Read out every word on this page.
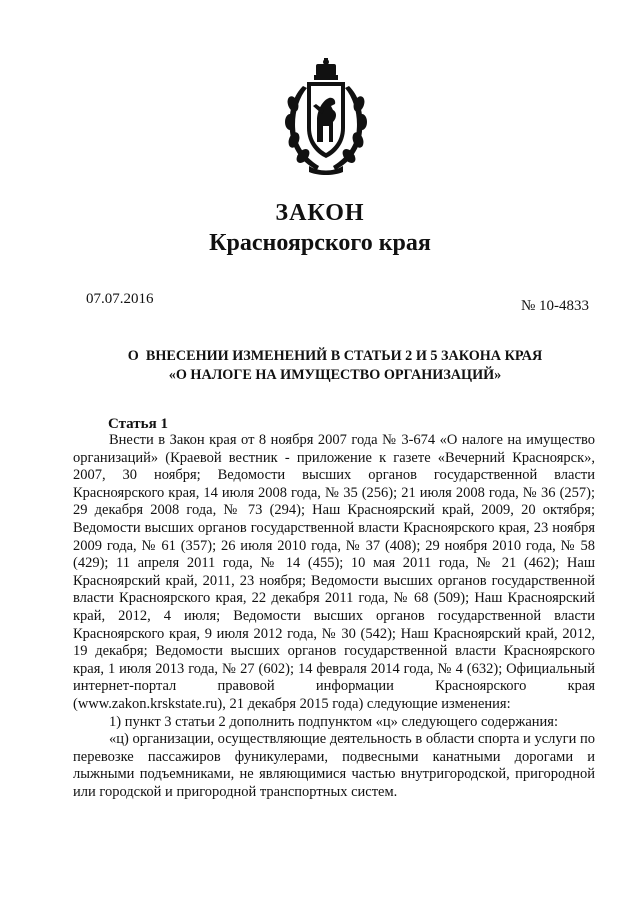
ЗАКОН
Красноярского края
07.07.2016	№ 10-4833
О  ВНЕСЕНИИ ИЗМЕНЕНИЙ В СТАТЬИ 2 И 5 ЗАКОНА КРАЯ
«О НАЛОГЕ НА ИМУЩЕСТВО ОРГАНИЗАЦИЙ»
Статья 1

Внести в Закон края от 8 ноября 2007 года № 3-674 «О налоге на имущество организаций» (Краевой вестник - приложение к газете «Вечерний Красноярск», 2007, 30 ноября; Ведомости высших органов государственной власти Красноярского края, 14 июля 2008 года, № 35 (256); 21 июля 2008 года, № 36 (257); 29 декабря 2008 года, № 73 (294); Наш Красноярский край, 2009, 20 октября; Ведомости высших органов государственной власти Красноярского края, 23 ноября 2009 года, № 61 (357); 26 июля 2010 года, № 37 (408); 29 ноября 2010 года, № 58 (429); 11 апреля 2011 года, № 14 (455); 10 мая 2011 года, № 21 (462); Наш Красноярский край, 2011, 23 ноября; Ведомости высших органов государственной власти Красноярского края, 22 декабря 2011 года, № 68 (509); Наш Красноярский край, 2012, 4 июля; Ведомости высших органов государственной власти Красноярского края, 9 июля 2012 года, № 30 (542); Наш Красноярский край, 2012, 19 декабря; Ведомости высших органов государственной власти Красноярского края, 1 июля 2013 года, № 27 (602); 14 февраля 2014 года, № 4 (632); Официальный интернет-портал правовой информации Красноярского края (www.zakon.krskstate.ru), 21 декабря 2015 года) следующие изменения:

1) пункт 3 статьи 2 дополнить подпунктом «ц» следующего содержания:

«ц) организации, осуществляющие деятельность в области спорта и услуги по перевозке пассажиров фуникулерами, подвесными канатными дорогами и лыжными подъемниками, не являющимися частью внутригородской, пригородной или городской и пригородной транспортных систем.
